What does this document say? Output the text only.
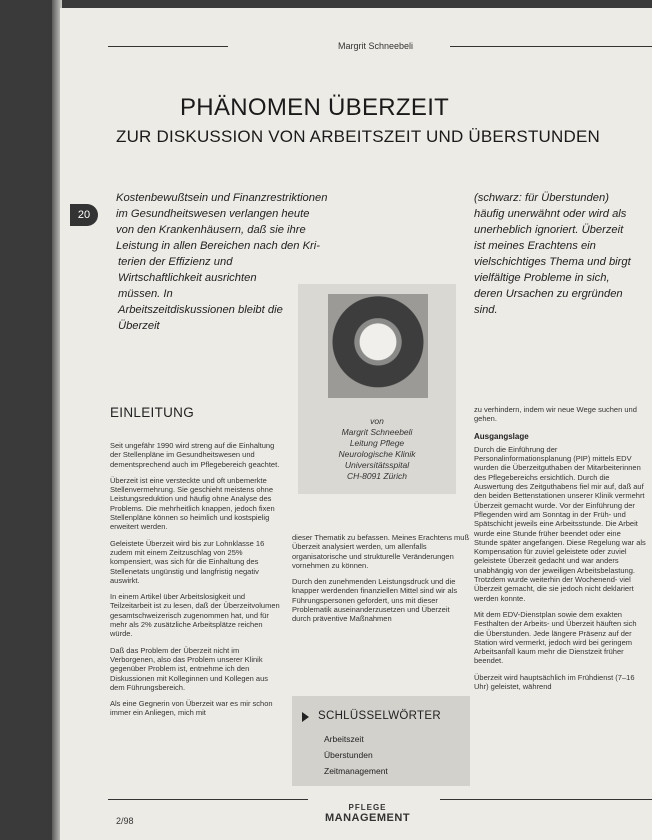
Margrit Schneebeli
PHÄNOMEN ÜBERZEIT
ZUR DISKUSSION VON ARBEITSZEIT UND ÜBERSTUNDEN
20

Kostenbewußtsein und Finanzrestriktionen im Gesundheitswesen verlangen heute von den Krankenhäusern, daß sie ihre Leistung in allen Bereichen nach den Kri-

terien der Effizienz und Wirtschaftlichkeit ausrichten müssen. In Arbeitszeitdiskussionen bleibt die Überzeit

(schwarz: für Überstunden) häufig unerwähnt oder wird als unerheblich ignoriert. Überzeit ist meines Erachtens ein vielschichtiges Thema und birgt vielfältige Probleme in sich, deren Ursachen zu ergründen sind.

von
Margrit Schneebeli
Leitung Pflege
Neurologische Klinik
Universitätsspital
CH-8091 Zürich
EINLEITUNG

Seit ungefähr 1990 wird streng auf die Einhaltung der Stellenpläne im Gesundheitswesen und dementsprechend auch im Pflegebereich geachtet.

Überzeit ist eine versteckte und oft unbemerkte Stellenvermehrung. Sie geschieht meistens ohne Leistungsreduktion und häufig ohne Analyse des Problems. Die mehrheitlich knappen, jedoch fixen Stellenpläne können so heimlich und kostspielig erweitert werden.

Geleistete Überzeit wird bis zur Lohnklasse 16 zudem mit einem Zeitzuschlag von 25% kompensiert, was sich für die Einhaltung des Stellenetats ungünstig und langfristig negativ auswirkt.

In einem Artikel über Arbeitslosigkeit und Teilzeitarbeit ist zu lesen, daß der Überzeitvolumen gesamtschweizerisch zugenommen hat, und für mehr als 2% zusätzliche Arbeitsplätze reichen würde.

Daß das Problem der Überzeit nicht im Verborgenen, also das Problem unserer Klinik gegenüber Problem ist, entnehme ich den Diskussionen mit Kolleginnen und Kollegen aus dem Führungsbereich.

Als eine Gegnerin von Überzeit war es mir schon immer ein Anliegen, mich mit

dieser Thematik zu befassen. Meines Erachtens muß Überzeit analysiert werden, um allenfalls organisatorische und strukturelle Veränderungen vornehmen zu können.

Durch den zunehmenden Leistungsdruck und die knapper werdenden finanziellen Mittel sind wir als Führungspersonen gefordert, uns mit dieser Problematik auseinanderzusetzen und Überzeit durch präventive Maßnahmen

SCHLÜSSELWÖRTER
Arbeitszeit
Überstunden
Zeitmanagement

zu verhindern, indem wir neue Wege suchen und gehen.

Ausgangslage

Durch die Einführung der Personalinformationsplanung (PIP) mittels EDV wurden die Überzeitguthaben der Mitarbeiterinnen des Pflegebereichs ersichtlich. Durch die Auswertung des Zeitguthabens fiel mir auf, daß auf den beiden Bettenstationen unserer Klinik vermehrt Überzeit gemacht wurde. Vor der Einführung der Pflegenden wird am Sonntag in der Früh- und Spätschicht jeweils eine Arbeitsstunde. Die Arbeit wurde eine Stunde früher beendet oder eine Stunde später angefangen. Diese Regelung war als Kompensation für zuviel geleistete oder zuviel geleistete Überzeit gedacht und war anders unabhängig von der jeweiligen Arbeitsbelastung. Trotzdem wurde weiterhin der Wochenend- viel Überzeit gemacht, die sie jedoch nicht deklariert werden konnte.

Mit dem EDV-Dienstplan sowie dem exakten Festhalten der Arbeits- und Überzeit häuften sich die Überstunden. Jede längere Präsenz auf der Station wird vermerkt, jedoch wird bei geringem Arbeitsanfall kaum mehr die Dienstzeit früher beendet.

Überzeit wird hauptsächlich im Frühdienst (7–16 Uhr) geleistet, während

PFLEGE
MANAGEMENT
2/98
